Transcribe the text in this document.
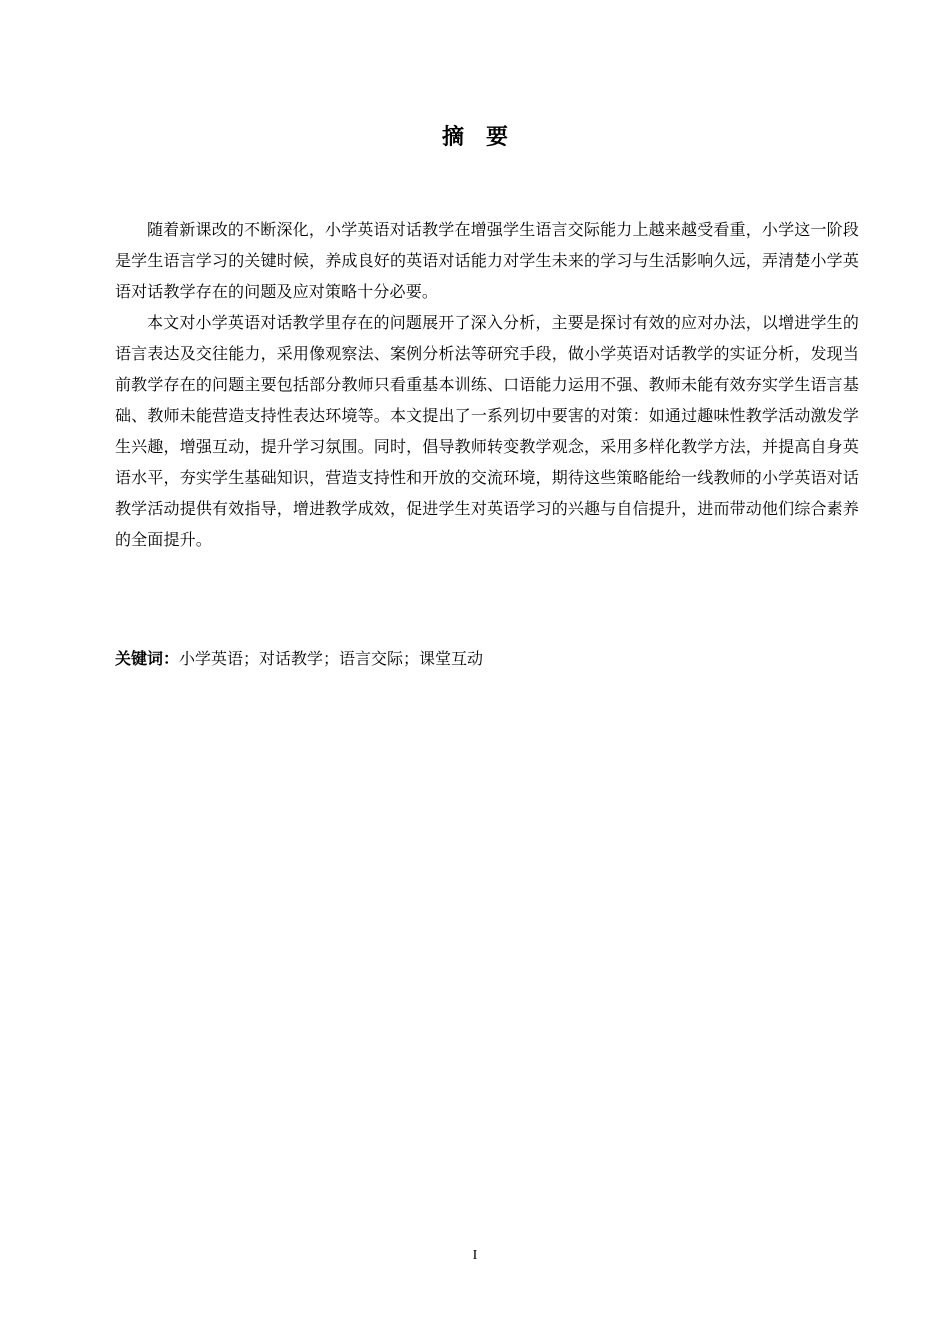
摘要

随着新课改的不断深化，小学英语对话教学在增强学生语言交际能力上越来越受看重，小学这一阶段是学生语言学习的关键时候，养成良好的英语对话能力对学生未来的学习与生活影响久远，弄清楚小学英语对话教学存在的问题及应对策略十分必要。

本文对小学英语对话教学里存在的问题展开了深入分析，主要是探讨有效的应对办法，以增进学生的语言表达及交往能力，采用像观察法、案例分析法等研究手段，做小学英语对话教学的实证分析，发现当前教学存在的问题主要包括部分教师只看重基本训练、口语能力运用不强、教师未能有效夯实学生语言基础、教师未能营造支持性表达环境等。本文提出了一系列切中要害的对策：如通过趣味性教学活动激发学生兴趣，增强互动，提升学习氛围。同时，倡导教师转变教学观念，采用多样化教学方法，并提高自身英语水平，夯实学生基础知识，营造支持性和开放的交流环境，期待这些策略能给一线教师的小学英语对话教学活动提供有效指导，增进教学成效，促进学生对英语学习的兴趣与自信提升，进而带动他们综合素养的全面提升。

关键词：小学英语；对话教学；语言交际；课堂互动
I
